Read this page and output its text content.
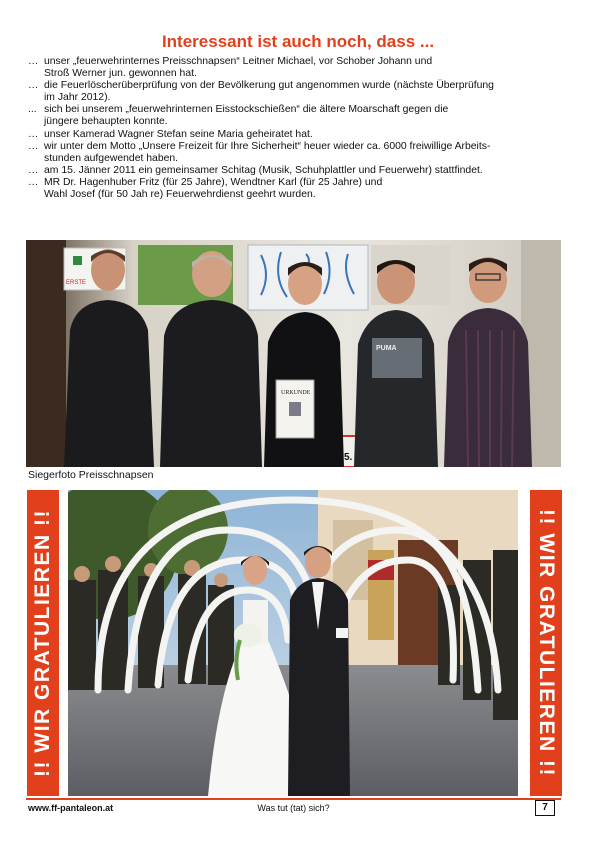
Interessant ist auch noch, dass ...
… unser „feuerwehrinternes Preisschnapsen“ Leitner Michael, vor Schober Johann und
Stroß Werner jun. gewonnen hat.
… die Feuerlöscherüberprüfung von der Bevölkerung gut angenommen wurde (nächste Überprüfung
im Jahr 2012).
... sich bei unserem „feuerwehrinternen Eisstockschießen“ die ältere Moarschaft gegen die
jüngere behaupten konnte.
… unser Kamerad Wagner Stefan seine Maria geheiratet hat.
… wir unter dem Motto „Unsere Freizeit für Ihre Sicherheit“ heuer wieder ca. 6000 freiwillige Arbeits-
stunden aufgewendet haben.
… am 15. Jänner 2011 ein gemeinsamer Schitag (Musik, Schuhplattler und Feuerwehr) stattfindet.
… MR Dr. Hagenhuber Fritz (für 25 Jahre), Wendtner Karl (für 25 Jahre) und
Wahl Josef (für 50 Jah re) Feuerwehrdienst geehrt wurden.
ERSTE
5.
URKUNDE
PUMA
Siegerfoto Preisschnapsen
!! WIR GRATULIEREN !!	!! WIR GRATULIEREN !!
www.ff-pantaleon.at	Was tut (tat) sich?	7
